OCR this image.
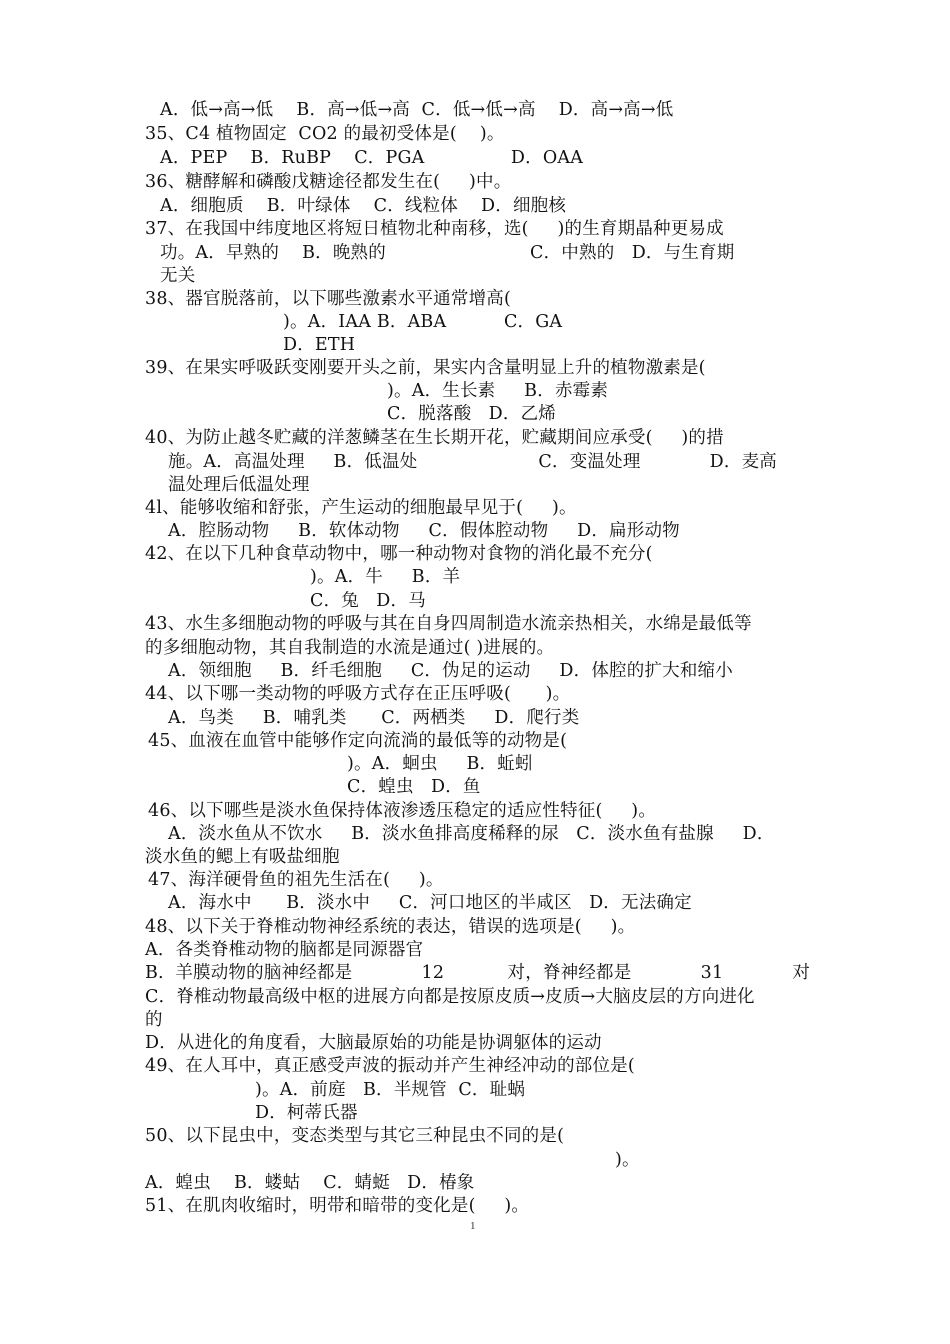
A．低→高→低    B．高→低→高  C．低→低→高    D．高→高→低
35、C4 植物固定  CO2 的最初受体是(    )。
A．PEP    B．RuBP    C．PGA               D．OAA
36、糖酵解和磷酸戊糖途径都发生在(     )中。
A．细胞质    B．叶绿体    C．线粒体    D．细胞核
37、在我国中纬度地区将短日植物北种南移，选(     )的生育期晶种更易成
功。A．早熟的    B．晚熟的                         C．中熟的   D．与生育期
无关
38、器官脱落前，以下哪些激素水平通常增高(
)。A．IAA B．ABA          C．GA
D．ETH
39、在果实呼吸跃变刚要开头之前，果实内含量明显上升的植物激素是(
)。A．生长素     B．赤霉素
C．脱落酸   D．乙烯
40、为防止越冬贮藏的洋葱鳞茎在生长期开花，贮藏期间应承受(     )的措
施。A．高温处理     B．低温处                     C．变温处理            D．麦高
温处理后低温处理
4l、能够收缩和舒张，产生运动的细胞最早见于(     )。
A．腔肠动物     B．软体动物     C．假体腔动物     D．扁形动物
42、在以下几种食草动物中，哪一种动物对食物的消化最不充分(
)。A．牛     B．羊
C．兔   D．马
43、水生多细胞动物的呼吸与其在自身四周制造水流亲热相关，水绵是最低等
的多细胞动物，其自我制造的水流是通过( )进展的。
A．领细胞     B．纤毛细胞     C．伪足的运动     D．体腔的扩大和缩小
44、以下哪一类动物的呼吸方式存在正压呼吸(      )。
A．鸟类     B．哺乳类      C．两栖类     D．爬行类
45、血液在血管中能够作定向流淌的最低等的动物是(
)。A．蛔虫     B．蚯蚓
C．蝗虫   D．鱼
46、以下哪些是淡水鱼保持体液渗透压稳定的适应性特征(     )。
A．淡水鱼从不饮水     B．淡水鱼排高度稀释的尿   C．淡水鱼有盐腺     D．
淡水鱼的鳃上有吸盐细胞
47、海洋硬骨鱼的祖先生活在(     )。
A．海水中      B．淡水中     C．河口地区的半咸区   D．无法确定
48、以下关于脊椎动物神经系统的表达，错误的选项是(     )。
A．各类脊椎动物的脑都是同源器官
B.  羊膜动物的脑神经都是            12           对，脊神经都是            31            对
C．脊椎动物最高级中枢的进展方向都是按原皮质→皮质→大脑皮层的方向进化
的
D．从进化的角度看，大脑最原始的功能是协调躯体的运动
49、在人耳中，真正感受声波的振动并产生神经冲动的部位是(
)。A．前庭   B．半规管  C．耻蜗
D．柯蒂氏器
50、以下昆虫中，变态类型与其它三种昆虫不同的是(
)。
A．蝗虫    B．蝼蛄    C．蜻蜓   D．椿象
51、在肌肉收缩时，明带和暗带的变化是(     )。
1
